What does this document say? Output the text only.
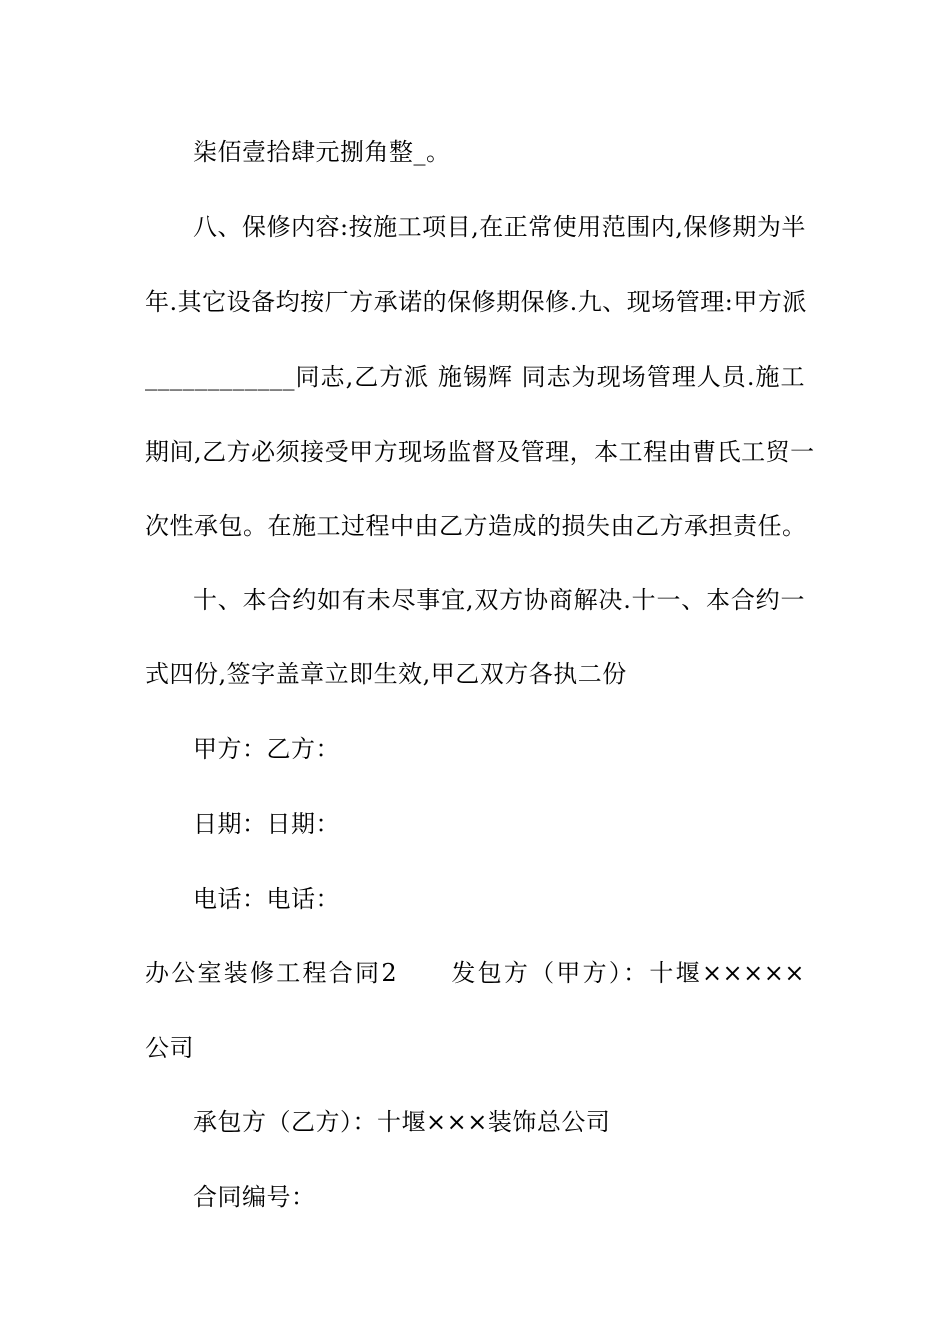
柒佰壹拾肆元捌角整_。
八、保修内容:按施工项目,在正常使用范围内,保修期为半
年.其它设备均按厂方承诺的保修期保修.九、现场管理:甲方派
____________同志,乙方派 施锡辉 同志为现场管理人员.施工
期间,乙方必须接受甲方现场监督及管理，本工程由曹氏工贸一
次性承包。在施工过程中由乙方造成的损失由乙方承担责任。
十、本合约如有未尽事宜,双方协商解决.十一、本合约一
式四份,签字盖章立即生效,甲乙双方各执二份
甲方：乙方：
日期：日期：
电话：电话：
办公室装修工程合同2　　发包方（甲方）：十堰×××××
公司
承包方（乙方）：十堰×××装饰总公司
合同编号：
